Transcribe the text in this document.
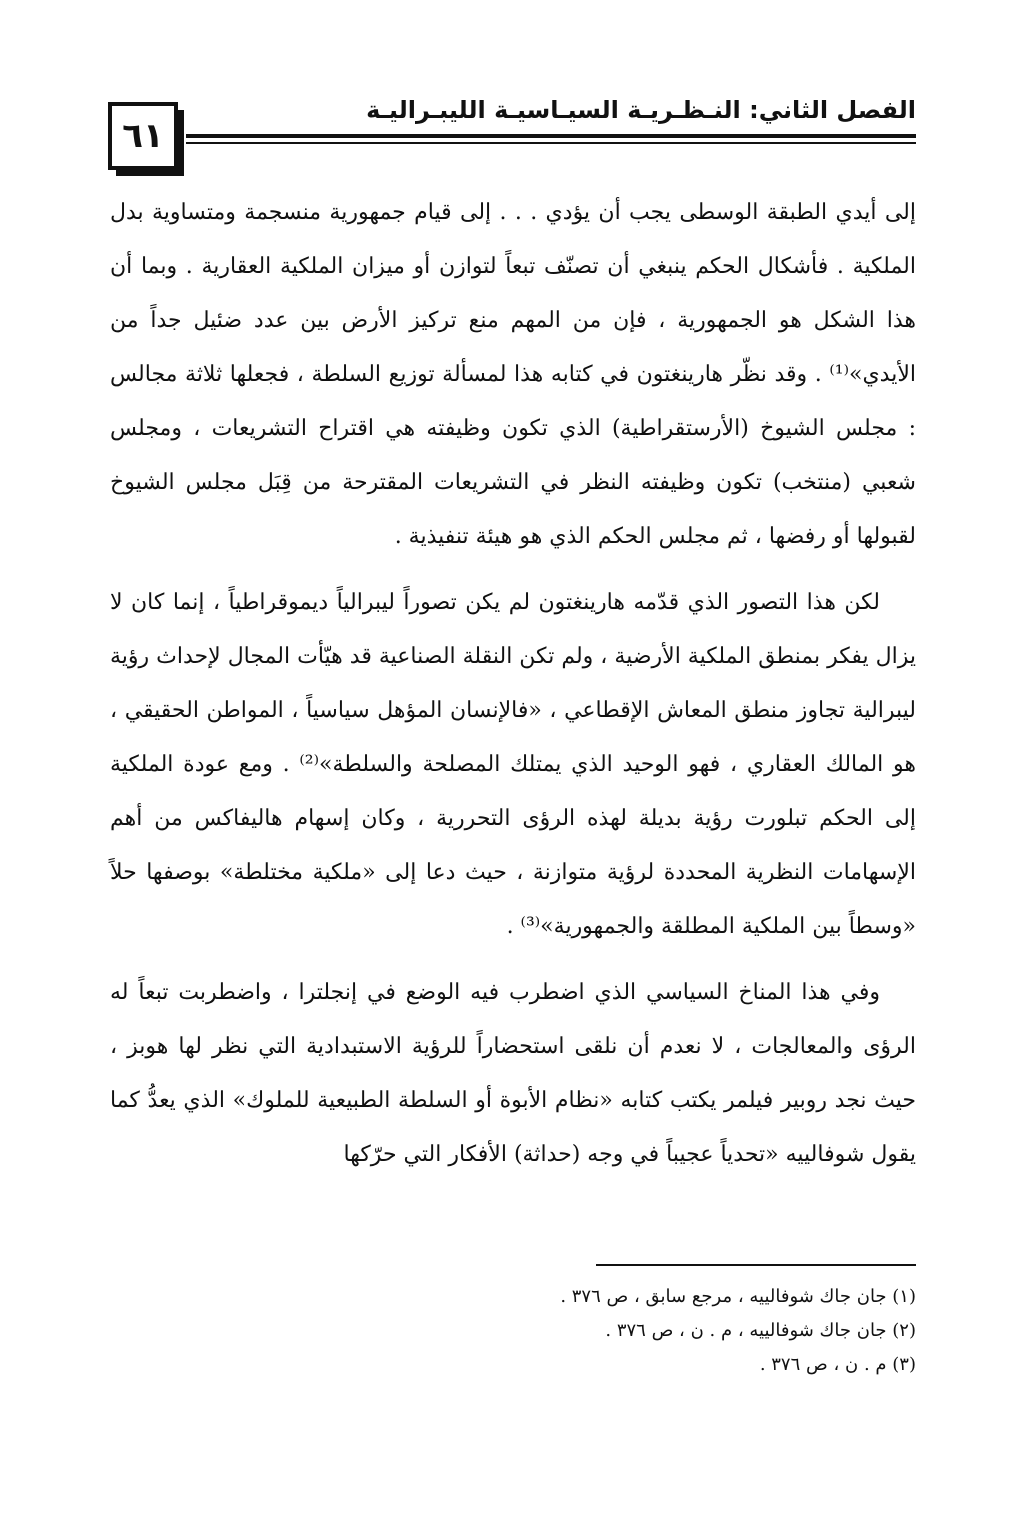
٦١
الفصل الثاني: النـظـريـة السيـاسيـة الليبـراليـة

إلى أيدي الطبقة الوسطى يجب أن يؤدي . . . إلى قيام جمهورية منسجمة ومتساوية بدل الملكية . فأشكال الحكم ينبغي أن تصنّف تبعاً لتوازن أو ميزان الملكية العقارية . وبما أن هذا الشكل هو الجمهورية ، فإن من المهم منع تركيز الأرض بين عدد ضئيل جداً من الأيدي»⁽¹⁾ . وقد نظّر هارينغتون في كتابه هذا لمسألة توزيع السلطة ، فجعلها ثلاثة مجالس : مجلس الشيوخ (الأرستقراطية) الذي تكون وظيفته هي اقتراح التشريعات ، ومجلس شعبي (منتخب) تكون وظيفته النظر في التشريعات المقترحة من قِبَل مجلس الشيوخ لقبولها أو رفضها ، ثم مجلس الحكم الذي هو هيئة تنفيذية .

لكن هذا التصور الذي قدّمه هارينغتون لم يكن تصوراً ليبرالياً ديموقراطياً ، إنما كان لا يزال يفكر بمنطق الملكية الأرضية ، ولم تكن النقلة الصناعية قد هيّأت المجال لإحداث رؤية ليبرالية تجاوز منطق المعاش الإقطاعي ، «فالإنسان المؤهل سياسياً ، المواطن الحقيقي ، هو المالك العقاري ، فهو الوحيد الذي يمتلك المصلحة والسلطة»⁽²⁾ . ومع عودة الملكية إلى الحكم تبلورت رؤية بديلة لهذه الرؤى التحررية ، وكان إسهام هاليفاكس من أهم الإسهامات النظرية المحددة لرؤية متوازنة ، حيث دعا إلى «ملكية مختلطة» بوصفها حلاً «وسطاً بين الملكية المطلقة والجمهورية»⁽³⁾ .

وفي هذا المناخ السياسي الذي اضطرب فيه الوضع في إنجلترا ، واضطربت تبعاً له الرؤى والمعالجات ، لا نعدم أن نلقى استحضاراً للرؤية الاستبدادية التي نظر لها هوبز ، حيث نجد روبير فيلمر يكتب كتابه «نظام الأبوة أو السلطة الطبيعية للملوك» الذي يعدُّ كما يقول شوفالييه «تحدياً عجيباً في وجه (حداثة) الأفكار التي حرّكها

(١) جان جاك شوفالييه ، مرجع سابق ، ص ٣٧٦ .

(٢) جان جاك شوفالييه ، م . ن ، ص ٣٧٦ .

(٣) م . ن ، ص ٣٧٦ .
